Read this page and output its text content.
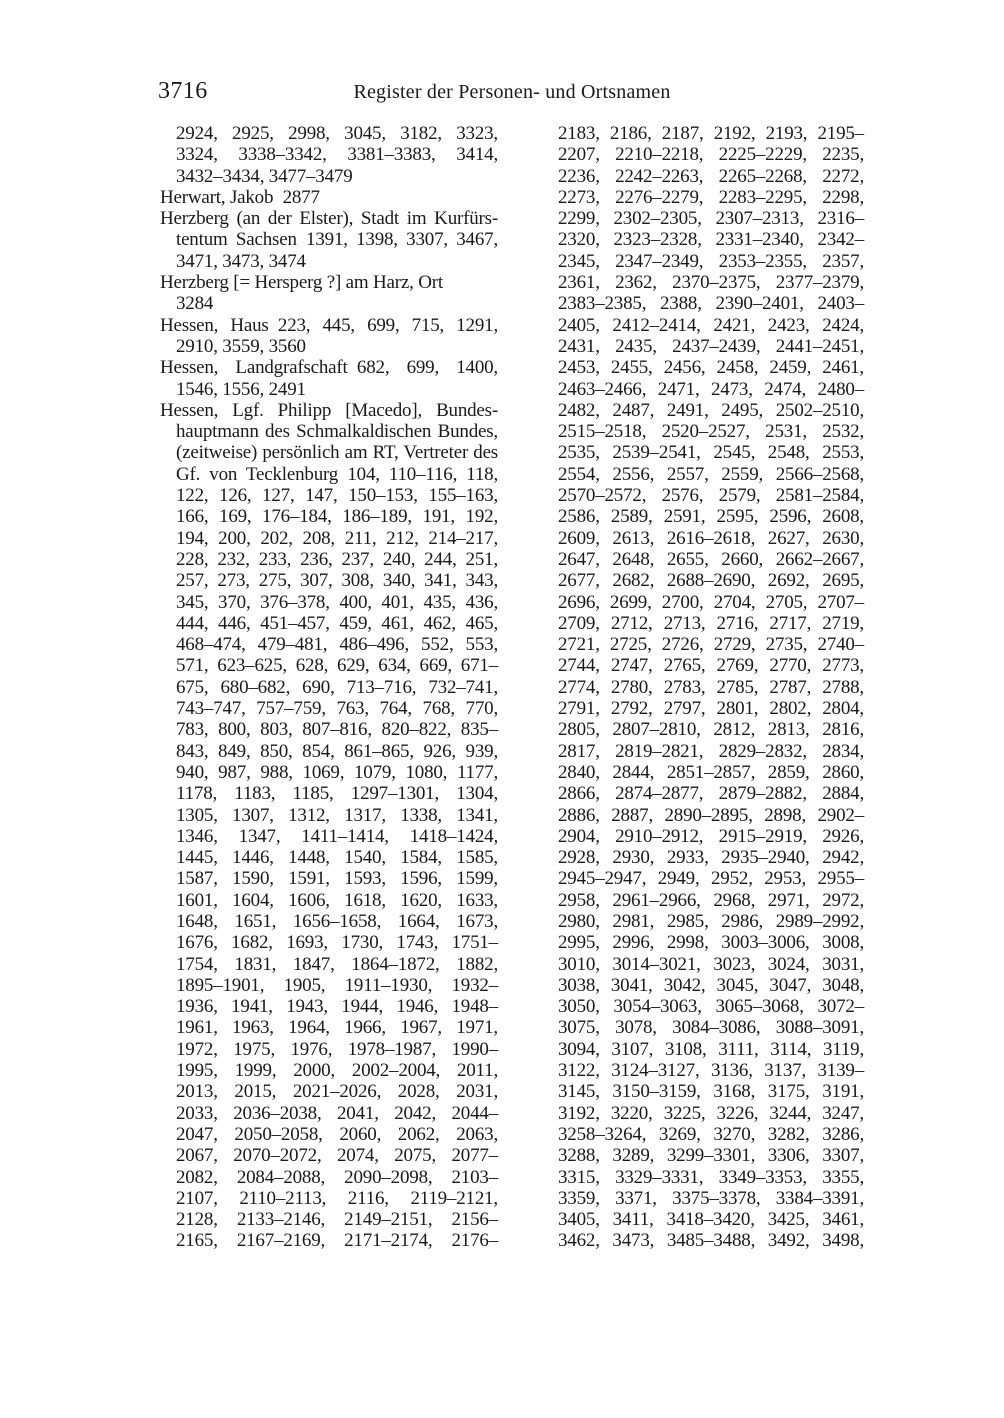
3716	Register der Personen- und Ortsnamen
2924, 2925, 2998, 3045, 3182, 3323,
3324, 3338–3342, 3381–3383, 3414,
3432–3434, 3477–3479
Herwart, Jakob 2877
Herzberg (an der Elster), Stadt im Kurfürs-
tentum Sachsen 1391, 1398, 3307, 3467,
3471, 3473, 3474
Herzberg [= Hersperg ?] am Harz, Ort
3284
Hessen, Haus 223, 445, 699, 715, 1291,
2910, 3559, 3560
Hessen, Landgrafschaft 682, 699, 1400,
1546, 1556, 2491
Hessen, Lgf. Philipp [Macedo], Bundes-
hauptmann des Schmalkaldischen Bundes,
(zeitweise) persönlich am RT, Vertreter des
Gf. von Tecklenburg 104, 110–116, 118,
122, 126, 127, 147, 150–153, 155–163,
166, 169, 176–184, 186–189, 191, 192,
194, 200, 202, 208, 211, 212, 214–217,
228, 232, 233, 236, 237, 240, 244, 251,
257, 273, 275, 307, 308, 340, 341, 343,
345, 370, 376–378, 400, 401, 435, 436,
444, 446, 451–457, 459, 461, 462, 465,
468–474, 479–481, 486–496, 552, 553,
571, 623–625, 628, 629, 634, 669, 671–
675, 680–682, 690, 713–716, 732–741,
743–747, 757–759, 763, 764, 768, 770,
783, 800, 803, 807–816, 820–822, 835–
843, 849, 850, 854, 861–865, 926, 939,
940, 987, 988, 1069, 1079, 1080, 1177,
1178, 1183, 1185, 1297–1301, 1304,
1305, 1307, 1312, 1317, 1338, 1341,
1346, 1347, 1411–1414, 1418–1424,
1445, 1446, 1448, 1540, 1584, 1585,
1587, 1590, 1591, 1593, 1596, 1599,
1601, 1604, 1606, 1618, 1620, 1633,
1648, 1651, 1656–1658, 1664, 1673,
1676, 1682, 1693, 1730, 1743, 1751–
1754, 1831, 1847, 1864–1872, 1882,
1895–1901, 1905, 1911–1930, 1932–
1936, 1941, 1943, 1944, 1946, 1948–
1961, 1963, 1964, 1966, 1967, 1971,
1972, 1975, 1976, 1978–1987, 1990–
1995, 1999, 2000, 2002–2004, 2011,
2013, 2015, 2021–2026, 2028, 2031,
2033, 2036–2038, 2041, 2042, 2044–
2047, 2050–2058, 2060, 2062, 2063,
2067, 2070–2072, 2074, 2075, 2077–
2082, 2084–2088, 2090–2098, 2103–
2107, 2110–2113, 2116, 2119–2121,
2128, 2133–2146, 2149–2151, 2156–
2165, 2167–2169, 2171–2174, 2176–
2183, 2186, 2187, 2192, 2193, 2195–
2207, 2210–2218, 2225–2229, 2235,
2236, 2242–2263, 2265–2268, 2272,
2273, 2276–2279, 2283–2295, 2298,
2299, 2302–2305, 2307–2313, 2316–
2320, 2323–2328, 2331–2340, 2342–
2345, 2347–2349, 2353–2355, 2357,
2361, 2362, 2370–2375, 2377–2379,
2383–2385, 2388, 2390–2401, 2403–
2405, 2412–2414, 2421, 2423, 2424,
2431, 2435, 2437–2439, 2441–2451,
2453, 2455, 2456, 2458, 2459, 2461,
2463–2466, 2471, 2473, 2474, 2480–
2482, 2487, 2491, 2495, 2502–2510,
2515–2518, 2520–2527, 2531, 2532,
2535, 2539–2541, 2545, 2548, 2553,
2554, 2556, 2557, 2559, 2566–2568,
2570–2572, 2576, 2579, 2581–2584,
2586, 2589, 2591, 2595, 2596, 2608,
2609, 2613, 2616–2618, 2627, 2630,
2647, 2648, 2655, 2660, 2662–2667,
2677, 2682, 2688–2690, 2692, 2695,
2696, 2699, 2700, 2704, 2705, 2707–
2709, 2712, 2713, 2716, 2717, 2719,
2721, 2725, 2726, 2729, 2735, 2740–
2744, 2747, 2765, 2769, 2770, 2773,
2774, 2780, 2783, 2785, 2787, 2788,
2791, 2792, 2797, 2801, 2802, 2804,
2805, 2807–2810, 2812, 2813, 2816,
2817, 2819–2821, 2829–2832, 2834,
2840, 2844, 2851–2857, 2859, 2860,
2866, 2874–2877, 2879–2882, 2884,
2886, 2887, 2890–2895, 2898, 2902–
2904, 2910–2912, 2915–2919, 2926,
2928, 2930, 2933, 2935–2940, 2942,
2945–2947, 2949, 2952, 2953, 2955–
2958, 2961–2966, 2968, 2971, 2972,
2980, 2981, 2985, 2986, 2989–2992,
2995, 2996, 2998, 3003–3006, 3008,
3010, 3014–3021, 3023, 3024, 3031,
3038, 3041, 3042, 3045, 3047, 3048,
3050, 3054–3063, 3065–3068, 3072–
3075, 3078, 3084–3086, 3088–3091,
3094, 3107, 3108, 3111, 3114, 3119,
3122, 3124–3127, 3136, 3137, 3139–
3145, 3150–3159, 3168, 3175, 3191,
3192, 3220, 3225, 3226, 3244, 3247,
3258–3264, 3269, 3270, 3282, 3286,
3288, 3289, 3299–3301, 3306, 3307,
3315, 3329–3331, 3349–3353, 3355,
3359, 3371, 3375–3378, 3384–3391,
3405, 3411, 3418–3420, 3425, 3461,
3462, 3473, 3485–3488, 3492, 3498,
